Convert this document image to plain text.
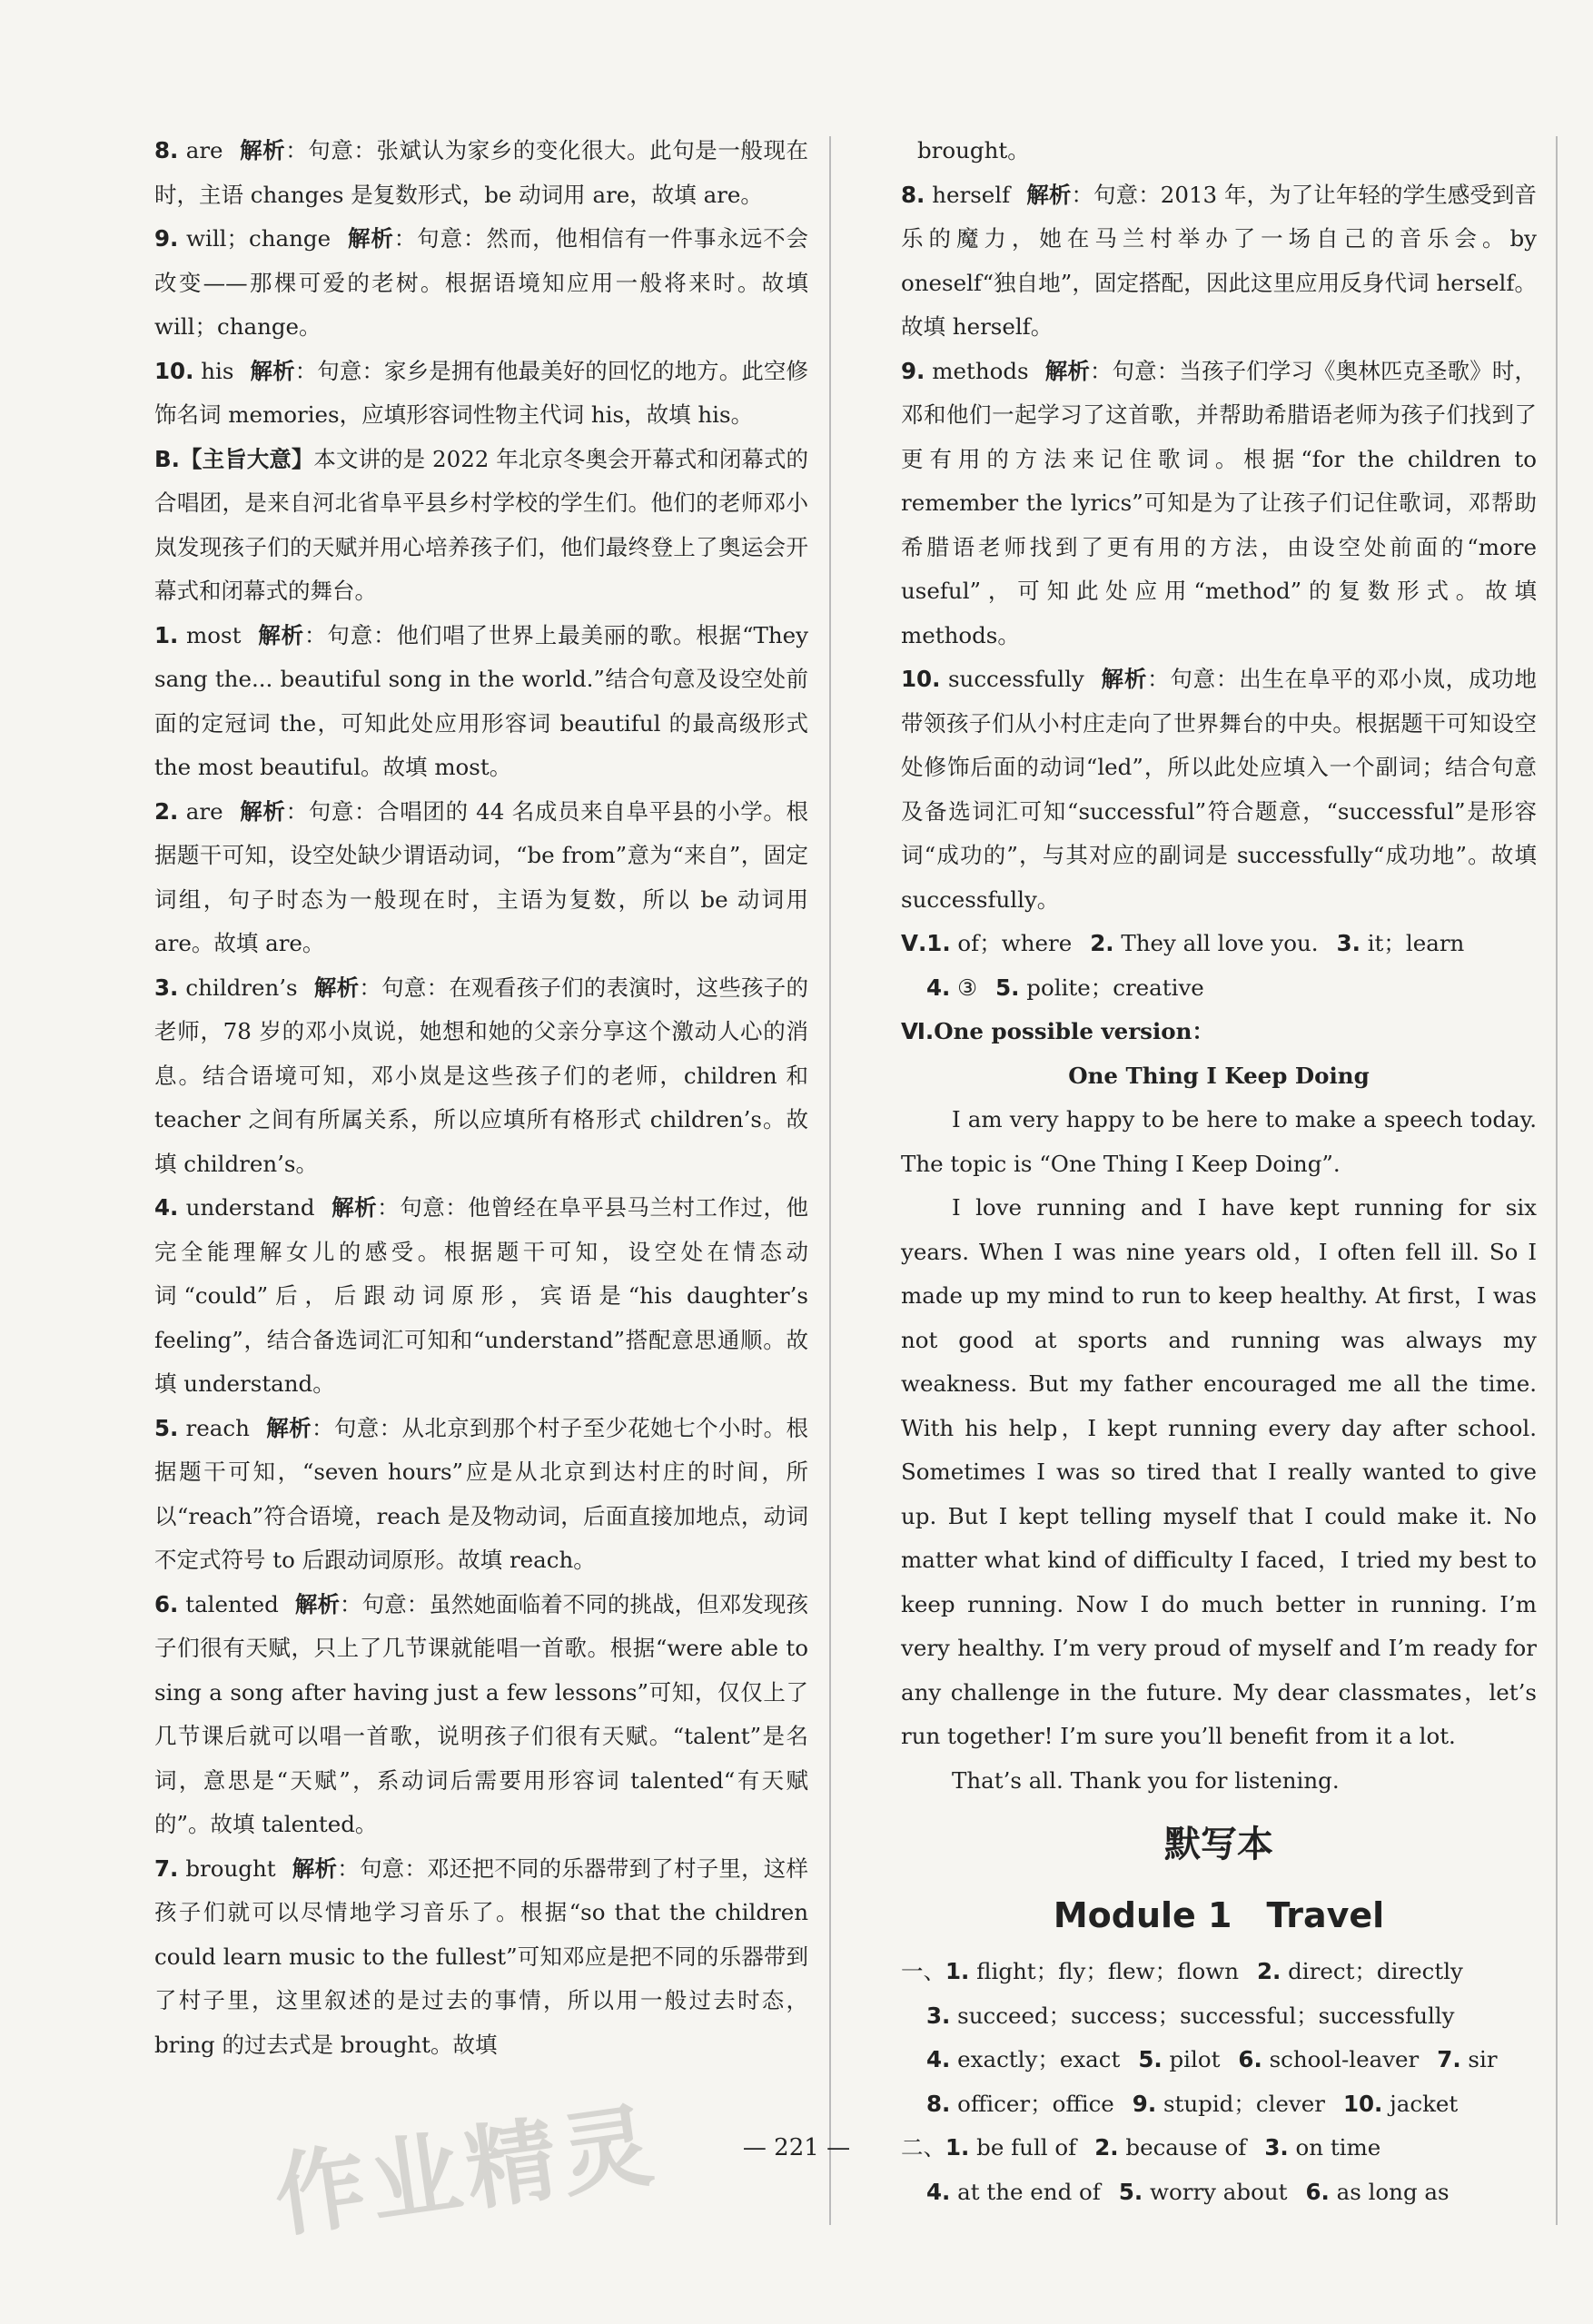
8. are 解析：句意：张斌认为家乡的变化很大。此句是一般现在时，主语 changes 是复数形式，be 动词用 are，故填 are。
9. will；change 解析：句意：然而，他相信有一件事永远不会改变——那棵可爱的老树。根据语境知应用一般将来时。故填 will；change。
10. his 解析：句意：家乡是拥有他最美好的回忆的地方。此空修饰名词 memories，应填形容词性物主代词 his，故填 his。
B.【主旨大意】本文讲的是 2022 年北京冬奥会开幕式和闭幕式的合唱团，是来自河北省阜平县乡村学校的学生们。他们的老师邓小岚发现孩子们的天赋并用心培养孩子们，他们最终登上了奥运会开幕式和闭幕式的舞台。
1. most 解析：句意：他们唱了世界上最美丽的歌。根据“They sang the... beautiful song in the world.”结合句意及设空处前面的定冠词 the，可知此处应用形容词 beautiful 的最高级形式 the most beautiful。故填 most。
2. are 解析：句意：合唱团的 44 名成员来自阜平县的小学。根据题干可知，设空处缺少谓语动词，“be from”意为“来自”，固定词组，句子时态为一般现在时，主语为复数，所以 be 动词用 are。故填 are。
3. children’s 解析：句意：在观看孩子们的表演时，这些孩子的老师，78 岁的邓小岚说，她想和她的父亲分享这个激动人心的消息。结合语境可知，邓小岚是这些孩子们的老师，children 和 teacher 之间有所属关系，所以应填所有格形式 children’s。故填 children’s。
4. understand 解析：句意：他曾经在阜平县马兰村工作过，他完全能理解女儿的感受。根据题干可知，设空处在情态动词“could”后，后跟动词原形，宾语是“his daughter’s feeling”，结合备选词汇可知和“understand”搭配意思通顺。故填 understand。
5. reach 解析：句意：从北京到那个村子至少花她七个小时。根据题干可知，“seven hours”应是从北京到达村庄的时间，所以“reach”符合语境，reach 是及物动词，后面直接加地点，动词不定式符号 to 后跟动词原形。故填 reach。
6. talented 解析：句意：虽然她面临着不同的挑战，但邓发现孩子们很有天赋，只上了几节课就能唱一首歌。根据“were able to sing a song after having just a few lessons”可知，仅仅上了几节课后就可以唱一首歌，说明孩子们很有天赋。“talent”是名词，意思是“天赋”，系动词后需要用形容词 talented“有天赋的”。故填 talented。
7. brought 解析：句意：邓还把不同的乐器带到了村子里，这样孩子们就可以尽情地学习音乐了。根据“so that the children could learn music to the fullest”可知邓应是把不同的乐器带到了村子里，这里叙述的是过去的事情，所以用一般过去时态，bring 的过去式是 brought。故填
brought。
8. herself 解析：句意：2013 年，为了让年轻的学生感受到音乐的魔力，她在马兰村举办了一场自己的音乐会。by oneself“独自地”，固定搭配，因此这里应用反身代词 herself。故填 herself。
9. methods 解析：句意：当孩子们学习《奥林匹克圣歌》时，邓和他们一起学习了这首歌，并帮助希腊语老师为孩子们找到了更有用的方法来记住歌词。根据“for the children to remember the lyrics”可知是为了让孩子们记住歌词，邓帮助希腊语老师找到了更有用的方法，由设空处前面的“more useful”，可知此处应用“method”的复数形式。故填 methods。
10. successfully 解析：句意：出生在阜平的邓小岚，成功地带领孩子们从小村庄走向了世界舞台的中央。根据题干可知设空处修饰后面的动词“led”，所以此处应填入一个副词；结合句意及备选词汇可知“successful”符合题意，“successful”是形容词“成功的”，与其对应的副词是 successfully“成功地”。故填 successfully。
Ⅴ.1. of；where 2. They all love you. 3. it；learn
4. ③ 5. polite；creative
Ⅵ.One possible version：
One Thing I Keep Doing
I am very happy to be here to make a speech today. The topic is “One Thing I Keep Doing”.
I love running and I have kept running for six years. When I was nine years old，I often fell ill. So I made up my mind to run to keep healthy. At first，I was not good at sports and running was always my weakness. But my father encouraged me all the time. With his help，I kept running every day after school. Sometimes I was so tired that I really wanted to give up. But I kept telling myself that I could make it. No matter what kind of difficulty I faced，I tried my best to keep running. Now I do much better in running. I’m very healthy. I’m very proud of myself and I’m ready for any challenge in the future. My dear classmates，let’s run together! I’m sure you’ll benefit from it a lot.
That’s all. Thank you for listening.
默写本
Module 1　Travel
一、1. flight；fly；flew；flown 2. direct；directly
3. succeed；success；successful；successfully
4. exactly；exact 5. pilot 6. school-leaver 7. sir
8. officer；office 9. stupid；clever 10. jacket
二、1. be full of 2. because of 3. on time
4. at the end of 5. worry about 6. as long as
— 221 —
作业精灵
